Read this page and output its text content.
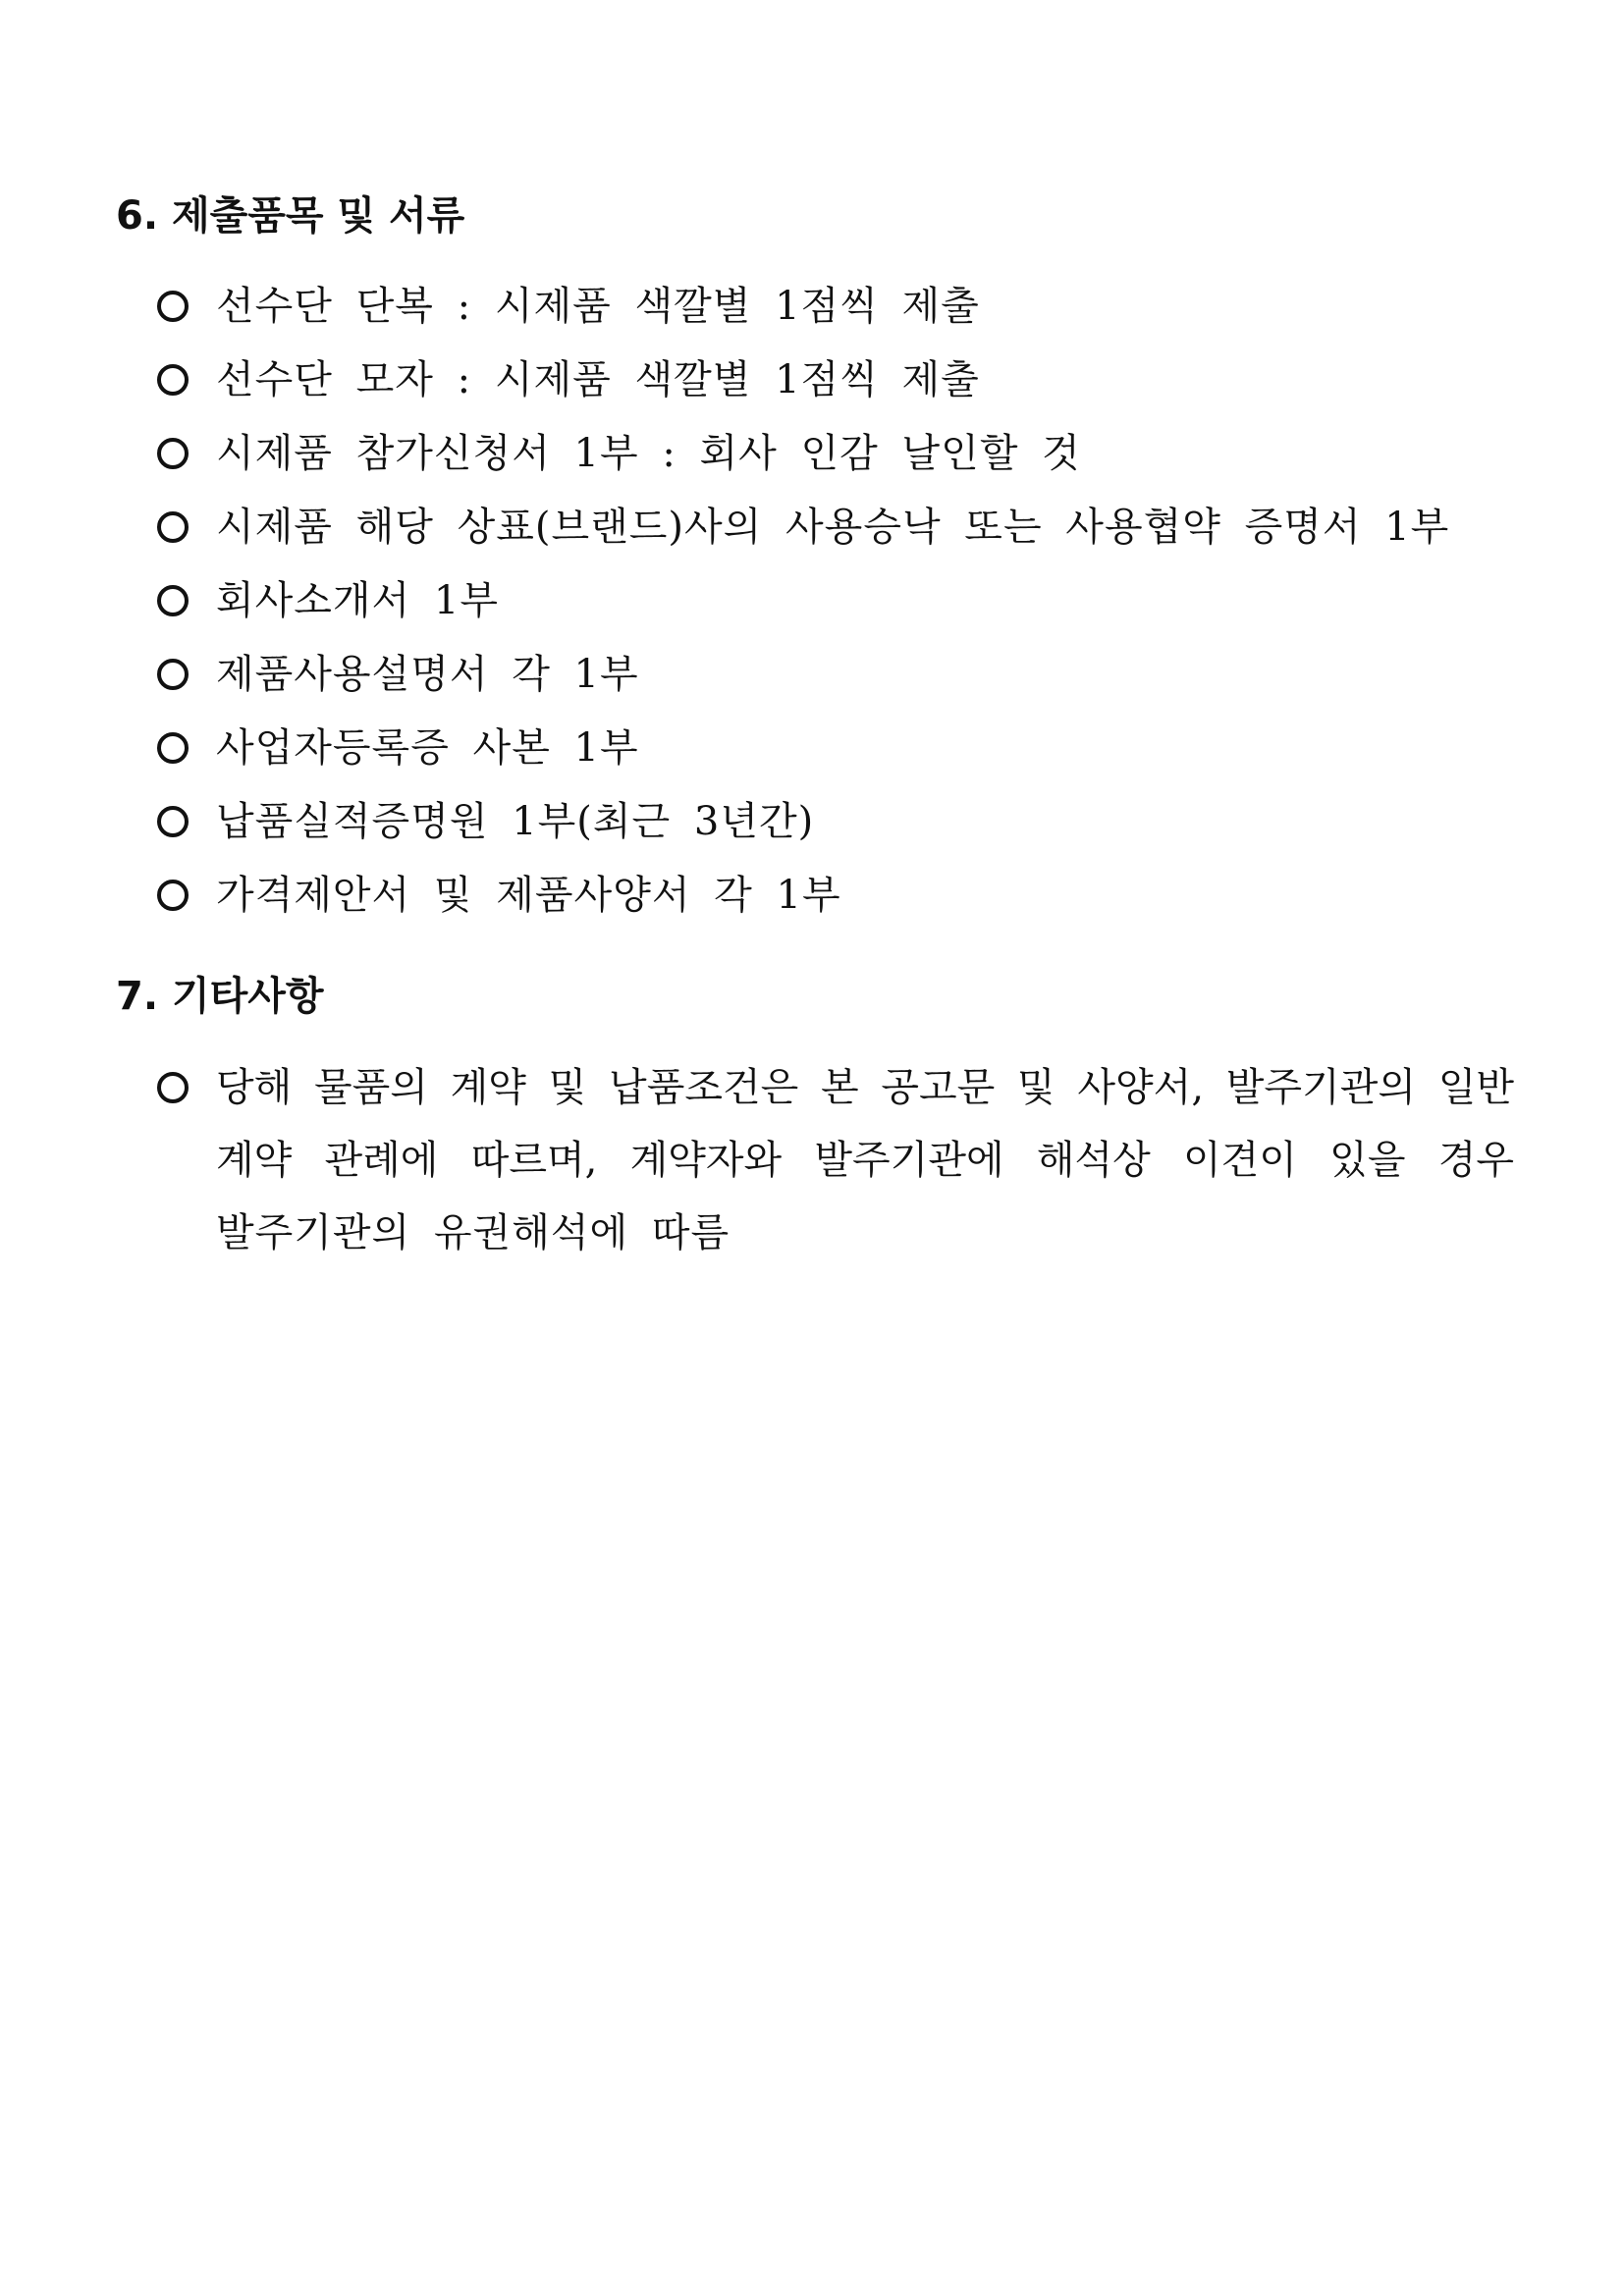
6. 제출품목 및 서류
선수단 단복 : 시제품 색깔별 1점씩 제출
선수단 모자 : 시제품 색깔별 1점씩 제출
시제품 참가신청서 1부 : 회사 인감 날인할 것
시제품 해당 상표(브랜드)사의 사용승낙 또는 사용협약 증명서 1부
회사소개서 1부
제품사용설명서 각 1부
사업자등록증 사본 1부
납품실적증명원 1부(최근 3년간)
가격제안서 및 제품사양서 각 1부
7. 기타사항
당해 물품의 계약 및 납품조건은 본 공고문 및 사양서, 발주기관의 일반
계약 관례에 따르며, 계약자와 발주기관에 해석상 이견이 있을 경우
발주기관의 유권해석에 따름
